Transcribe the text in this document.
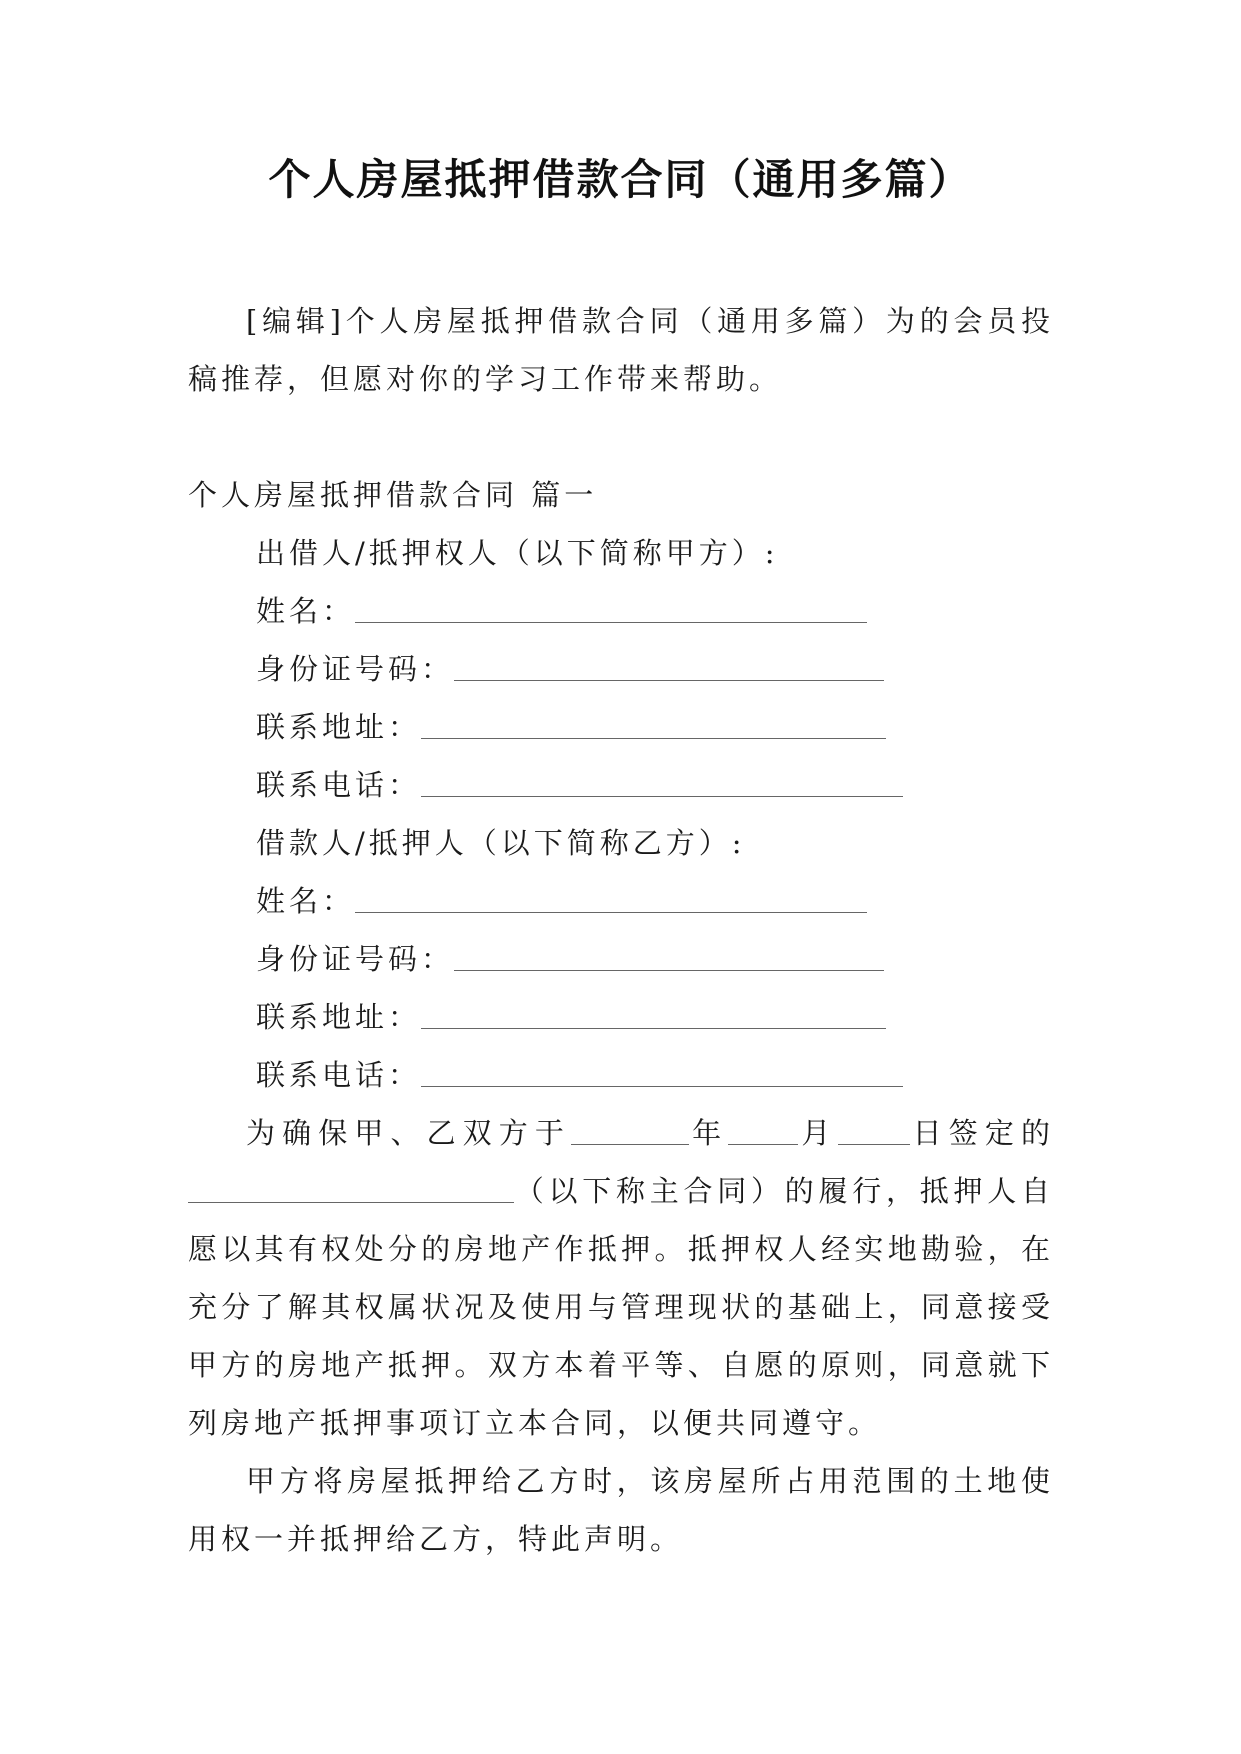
个人房屋抵押借款合同（通用多篇）

[编辑]个人房屋抵押借款合同（通用多篇）为的会员投稿推荐，但愿对你的学习工作带来帮助。

个人房屋抵押借款合同 篇一

出借人/抵押权人（以下简称甲方）:

姓名：

身份证号码：

联系地址：

联系电话：

借款人/抵押人（以下简称乙方）:

姓名：

身份证号码：

联系地址：

联系电话：

为确保甲、乙双方于	年 月 日签定的（以下称主合同）的履行，抵押人自愿以其有权处分的房地产作抵押。抵押权人经实地勘验，在充分了解其权属状况及使用与管理现状的基础上，同意接受甲方的房地产抵押。双方本着平等、自愿的原则，同意就下列房地产抵押事项订立本合同，以便共同遵守。

甲方将房屋抵押给乙方时，该房屋所占用范围的土地使用权一并抵押给乙方，特此声明。
